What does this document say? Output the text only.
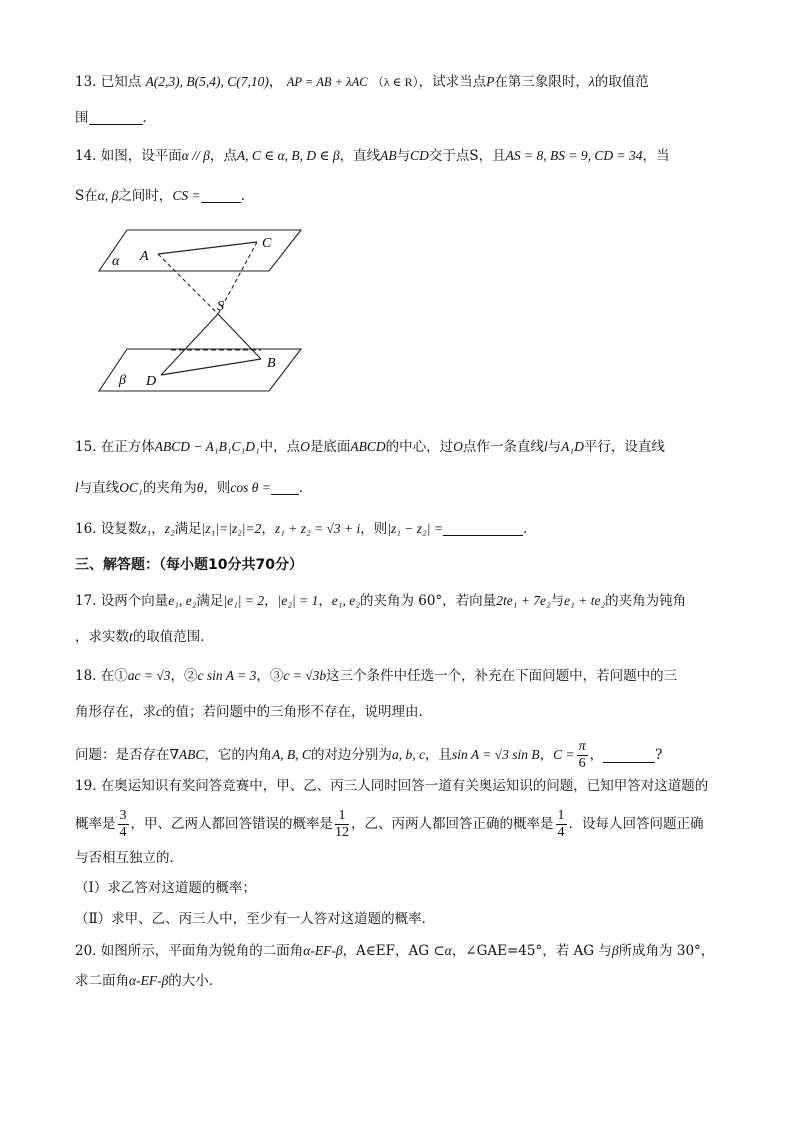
13. 已知点 A(2,3), B(5,4), C(7,10)， AP = AB + λAC （λ ∈ R），试求当点P在第三象限时，λ的取值范
围	．
14. 如图，设平面α // β，点A, C ∈ α, B, D ∈ β，直线AB与CD交于点S，且AS = 8, BS = 9, CD = 34，当
S在α, β之间时，CS =	．
α
β
A
C
S
B
D
15. 在正方体ABCD − A₁B₁C₁D₁中，点O是底面ABCD的中心，过O点作一条直线l与A₁D平行，设直线
l与直线OC₁的夹角为θ，则cos θ = ．
16. 设复数z₁，z₂满足|z₁|=|z₂|=2，z₁ + z₂ = √3 + i，则|z₁ − z₂| =	．
三、解答题：（每小题10分共70分）
17. 设两个向量e₁, e₂满足|e₁| = 2，|e₂| = 1，e₁, e₂的夹角为 60°，若向量2te₁ + 7e₂与e₁ + te₂的夹角为钝角
，求实数t的取值范围．
18. 在①ac = √3，②c sin A = 3，③c = √3b这三个条件中任选一个，补充在下面问题中，若问题中的三
角形存在，求c的值；若问题中的三角形不存在，说明理由．
问题：是否存在 ∇ABC ，它的内角 A, B, C 的对边分别为 a, b, c ，且 sin A = √3 sin B ， $C = \frac{\pi}{6}$ ，	?
19. 在奥运知识有奖问答竞赛中，甲、乙、丙三人同时回答一道有关奥运知识的问题，已知甲答对这道题的
概率是 $\frac{3}{4}$ ，甲、乙两人都回答错误的概率是 $\frac{1}{12}$ ，乙、丙两人都回答正确的概率是 $\frac{1}{4}$ ．设每人回答问题正确
与否相互独立的．
（Ⅰ）求乙答对这道题的概率；
（Ⅱ）求甲、乙、丙三人中，至少有一人答对这道题的概率．
20. 如图所示，平面角为锐角的二面角α-EF-β，A∈EF，AG ⊂α，∠GAE=45°，若 AG 与β所成角为 30°，
求二面角α-EF-β的大小．
